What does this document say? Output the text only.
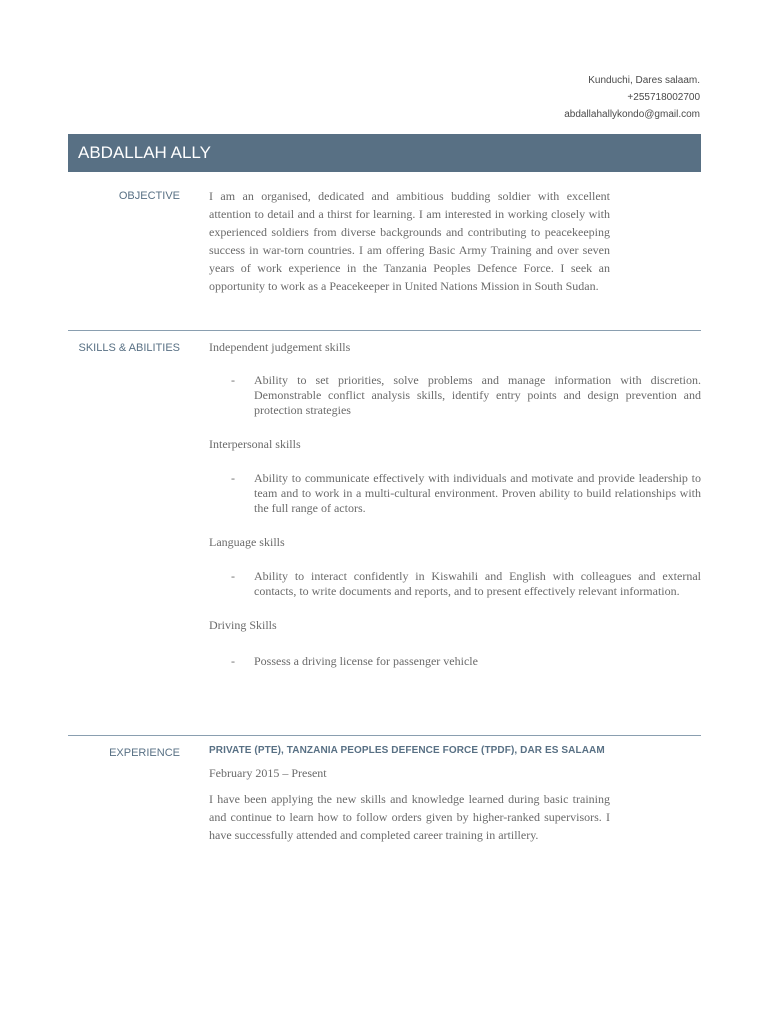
Kunduchi, Dares salaam.
+255718002700
abdallahallykondo@gmail.com
ABDALLAH ALLY
OBJECTIVE I am an organised, dedicated and ambitious budding soldier with excellent attention to detail and a thirst for learning. I am interested in working closely with experienced soldiers from diverse backgrounds and contributing to peacekeeping success in war-torn countries. I am offering Basic Army Training and over seven years of work experience in the Tanzania Peoples Defence Force. I seek an opportunity to work as a Peacekeeper in United Nations Mission in South Sudan.

SKILLS & ABILITIES Independent judgement skills

- Ability to set priorities, solve problems and manage information with discretion. Demonstrable conflict analysis skills, identify entry points and design prevention and protection strategies

Interpersonal skills

- Ability to communicate effectively with individuals and motivate and provide leadership to team and to work in a multi-cultural environment. Proven ability to build relationships with the full range of actors.

Language skills

- Ability to interact confidently in Kiswahili and English with colleagues and external contacts, to write documents and reports, and to present effectively relevant information.

Driving Skills

- Possess a driving license for passenger vehicle

EXPERIENCE	PRIVATE (PTE), TANZANIA PEOPLES DEFENCE FORCE (TPDF), DAR ES SALAAM

February 2015 – Present

I have been applying the new skills and knowledge learned during basic training and continue to learn how to follow orders given by higher-ranked supervisors. I have successfully attended and completed career training in artillery.
